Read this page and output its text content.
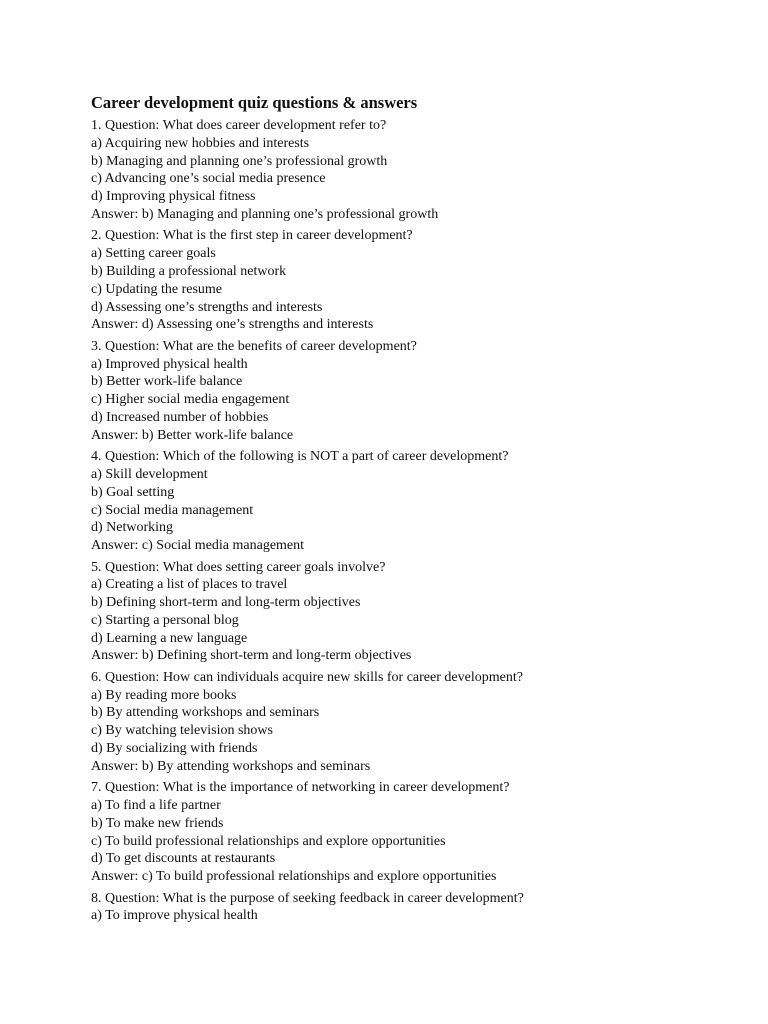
Career development quiz questions & answers
1. Question: What does career development refer to?
a) Acquiring new hobbies and interests
b) Managing and planning one’s professional growth
c) Advancing one’s social media presence
d) Improving physical fitness
Answer: b) Managing and planning one’s professional growth
2. Question: What is the first step in career development?
a) Setting career goals
b) Building a professional network
c) Updating the resume
d) Assessing one’s strengths and interests
Answer: d) Assessing one’s strengths and interests
3. Question: What are the benefits of career development?
a) Improved physical health
b) Better work-life balance
c) Higher social media engagement
d) Increased number of hobbies
Answer: b) Better work-life balance
4. Question: Which of the following is NOT a part of career development?
a) Skill development
b) Goal setting
c) Social media management
d) Networking
Answer: c) Social media management
5. Question: What does setting career goals involve?
a) Creating a list of places to travel
b) Defining short-term and long-term objectives
c) Starting a personal blog
d) Learning a new language
Answer: b) Defining short-term and long-term objectives
6. Question: How can individuals acquire new skills for career development?
a) By reading more books
b) By attending workshops and seminars
c) By watching television shows
d) By socializing with friends
Answer: b) By attending workshops and seminars
7. Question: What is the importance of networking in career development?
a) To find a life partner
b) To make new friends
c) To build professional relationships and explore opportunities
d) To get discounts at restaurants
Answer: c) To build professional relationships and explore opportunities
8. Question: What is the purpose of seeking feedback in career development?
a) To improve physical health
